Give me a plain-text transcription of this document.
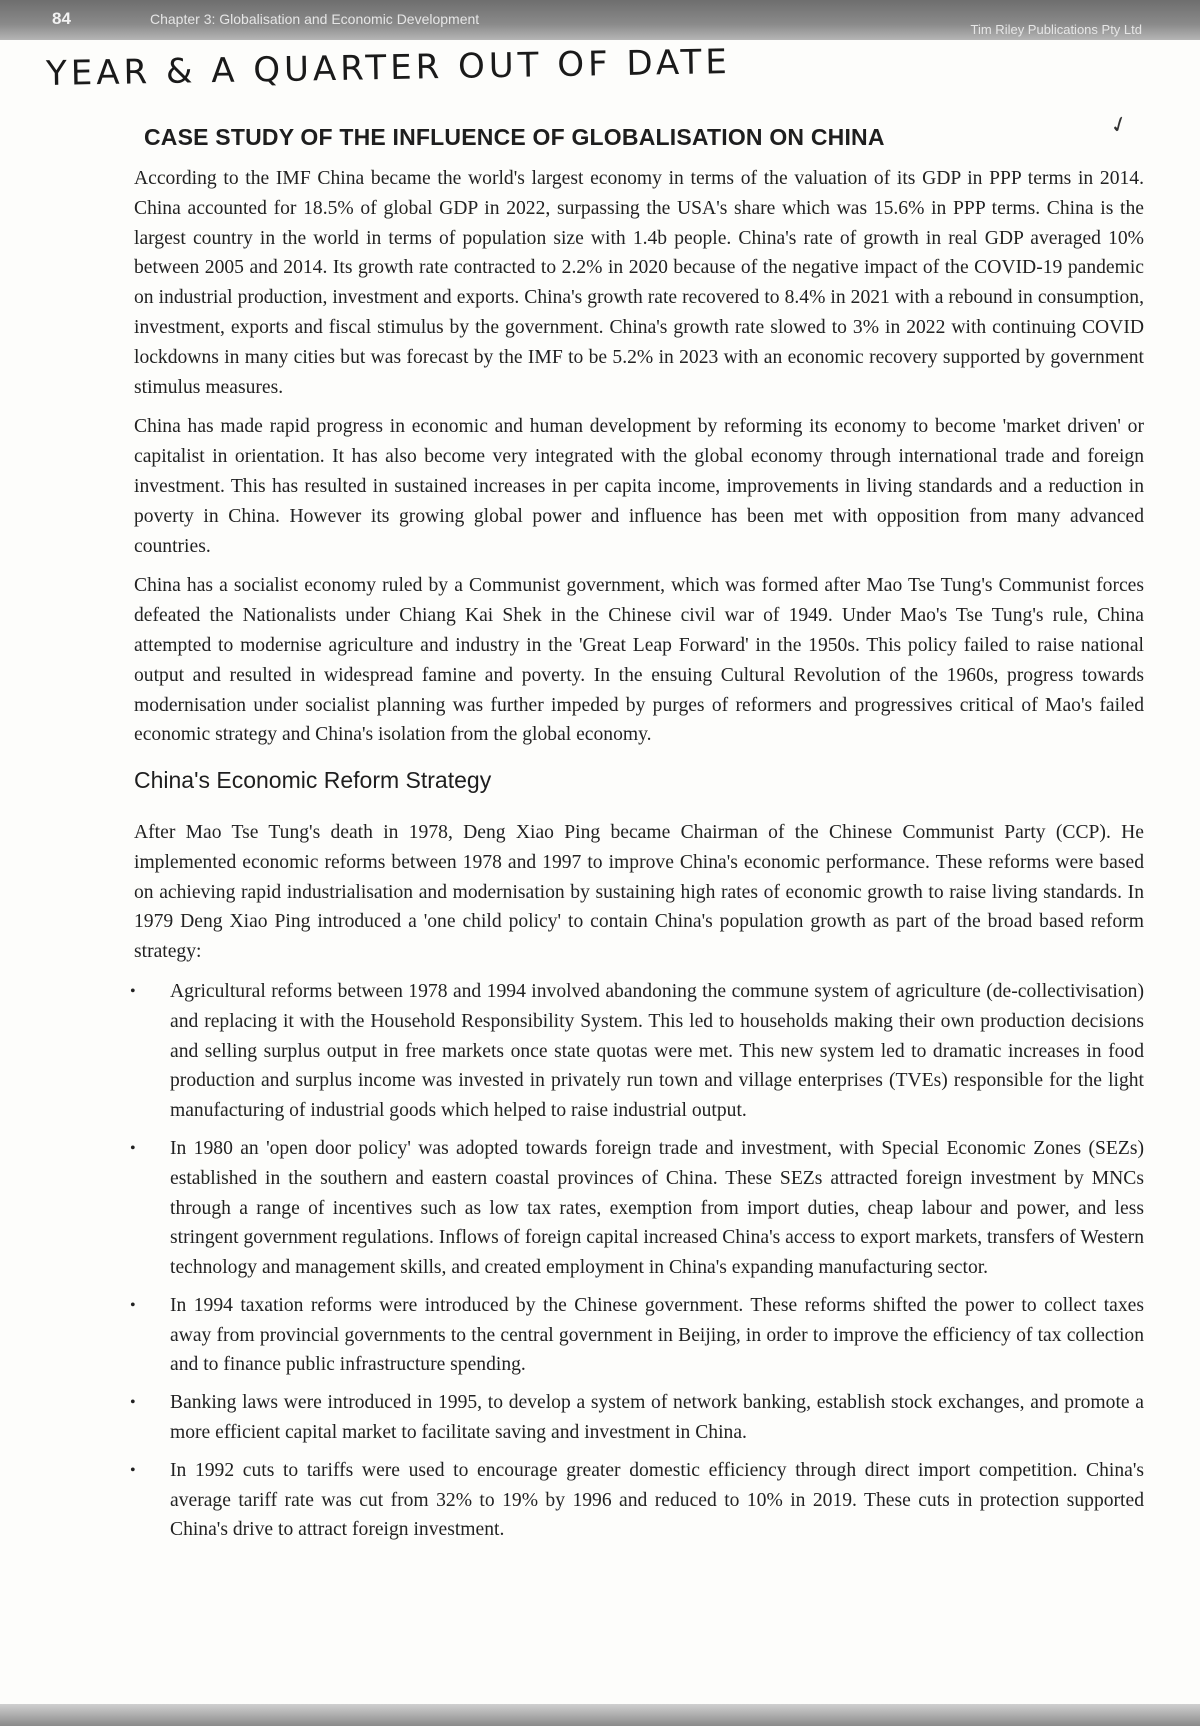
84	Chapter 3: Globalisation and Economic Development
Tim Riley Publications Pty Ltd
YEAR & A QUARTER OUT OF DATE
✓
CASE STUDY OF THE INFLUENCE OF GLOBALISATION ON CHINA

According to the IMF China became the world's largest economy in terms of the valuation of its GDP in PPP terms in 2014. China accounted for 18.5% of global GDP in 2022, surpassing the USA's share which was 15.6% in PPP terms. China is the largest country in the world in terms of population size with 1.4b people. China's rate of growth in real GDP averaged 10% between 2005 and 2014. Its growth rate contracted to 2.2% in 2020 because of the negative impact of the COVID-19 pandemic on industrial production, investment and exports. China's growth rate recovered to 8.4% in 2021 with a rebound in consumption, investment, exports and fiscal stimulus by the government. China's growth rate slowed to 3% in 2022 with continuing COVID lockdowns in many cities but was forecast by the IMF to be 5.2% in 2023 with an economic recovery supported by government stimulus measures.

China has made rapid progress in economic and human development by reforming its economy to become 'market driven' or capitalist in orientation. It has also become very integrated with the global economy through international trade and foreign investment. This has resulted in sustained increases in per capita income, improvements in living standards and a reduction in poverty in China. However its growing global power and influence has been met with opposition from many advanced countries.

China has a socialist economy ruled by a Communist government, which was formed after Mao Tse Tung's Communist forces defeated the Nationalists under Chiang Kai Shek in the Chinese civil war of 1949. Under Mao's Tse Tung's rule, China attempted to modernise agriculture and industry in the 'Great Leap Forward' in the 1950s. This policy failed to raise national output and resulted in widespread famine and poverty. In the ensuing Cultural Revolution of the 1960s, progress towards modernisation under socialist planning was further impeded by purges of reformers and progressives critical of Mao's failed economic strategy and China's isolation from the global economy.

China's Economic Reform Strategy

After Mao Tse Tung's death in 1978, Deng Xiao Ping became Chairman of the Chinese Communist Party (CCP). He implemented economic reforms between 1978 and 1997 to improve China's economic performance. These reforms were based on achieving rapid industrialisation and modernisation by sustaining high rates of economic growth to raise living standards. In 1979 Deng Xiao Ping introduced a 'one child policy' to contain China's population growth as part of the broad based reform strategy:

• Agricultural reforms between 1978 and 1994 involved abandoning the commune system of agriculture (de-collectivisation) and replacing it with the Household Responsibility System. This led to households making their own production decisions and selling surplus output in free markets once state quotas were met. This new system led to dramatic increases in food production and surplus income was invested in privately run town and village enterprises (TVEs) responsible for the light manufacturing of industrial goods which helped to raise industrial output.
• In 1980 an 'open door policy' was adopted towards foreign trade and investment, with Special Economic Zones (SEZs) established in the southern and eastern coastal provinces of China. These SEZs attracted foreign investment by MNCs through a range of incentives such as low tax rates, exemption from import duties, cheap labour and power, and less stringent government regulations. Inflows of foreign capital increased China's access to export markets, transfers of Western technology and management skills, and created employment in China's expanding manufacturing sector.
• In 1994 taxation reforms were introduced by the Chinese government. These reforms shifted the power to collect taxes away from provincial governments to the central government in Beijing, in order to improve the efficiency of tax collection and to finance public infrastructure spending.
• Banking laws were introduced in 1995, to develop a system of network banking, establish stock exchanges, and promote a more efficient capital market to facilitate saving and investment in China.
• In 1992 cuts to tariffs were used to encourage greater domestic efficiency through direct import competition. China's average tariff rate was cut from 32% to 19% by 1996 and reduced to 10% in 2019. These cuts in protection supported China's drive to attract foreign investment.
